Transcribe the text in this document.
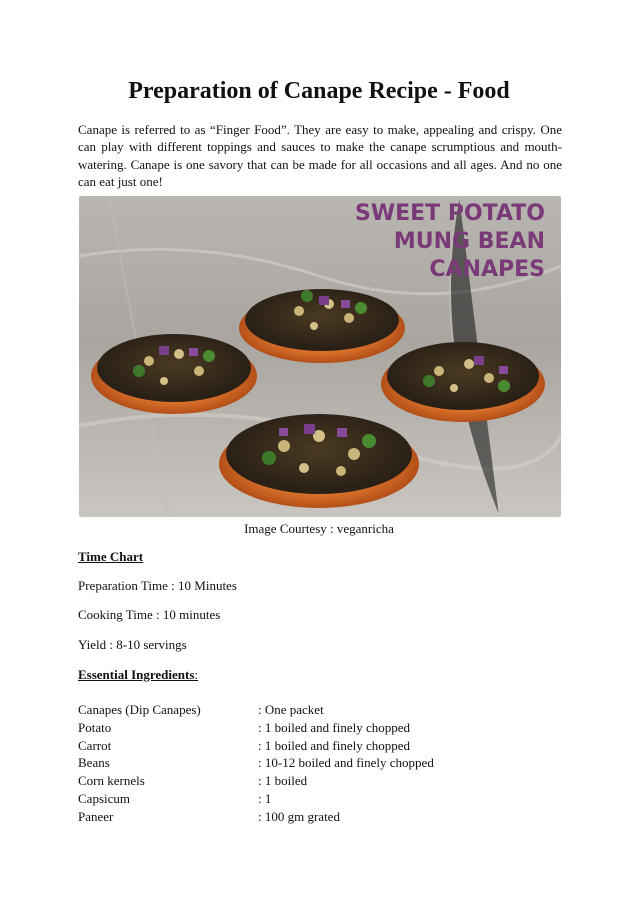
Preparation of Canape Recipe - Food

Canape is referred to as “Finger Food”. They are easy to make, appealing and crispy. One can play with different toppings and sauces to make the canape scrumptious and mouth-watering. Canape is one savory that can be made for all occasions and all ages. And no one can eat just one!

SWEET POTATO
MUNG BEAN
CANAPES

Image Courtesy : veganricha

Time Chart

Preparation Time : 10 Minutes

Cooking Time : 10 minutes

Yield : 8-10 servings

Essential Ingredients:

Canapes (Dip Canapes)	: One packet
Potato	: 1 boiled and finely chopped
Carrot	: 1 boiled and finely chopped
Beans	: 10-12 boiled and finely chopped
Corn kernels	: 1 boiled
Capsicum	: 1
Paneer	: 100 gm grated
